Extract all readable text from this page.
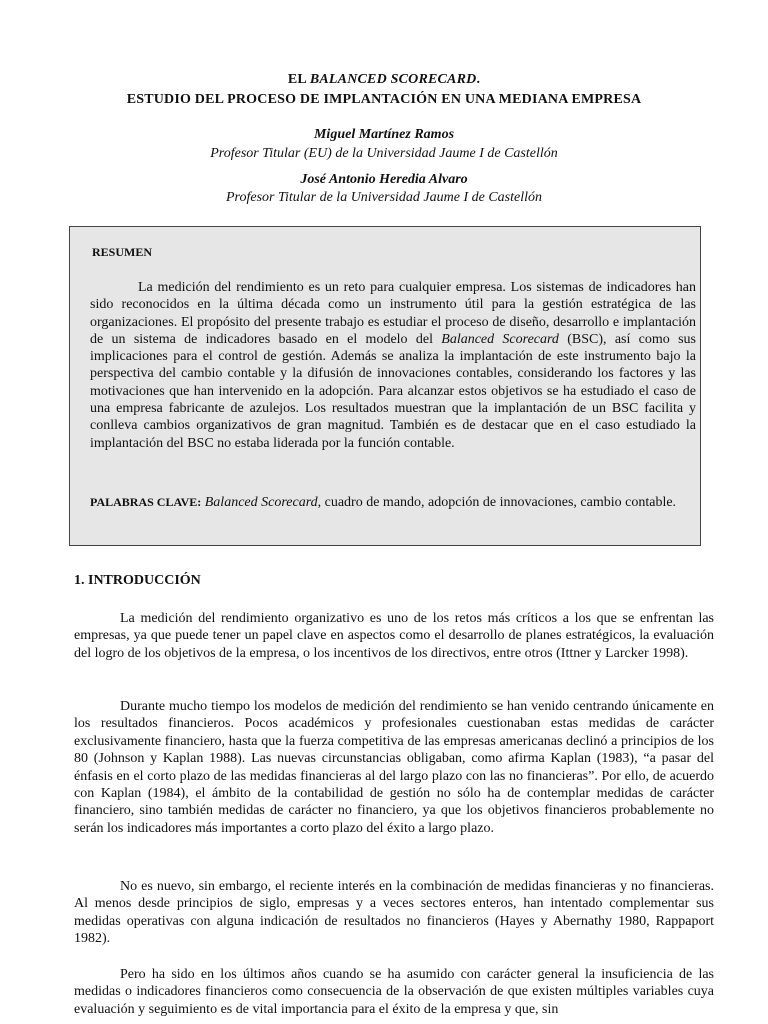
EL BALANCED SCORECARD.
ESTUDIO DEL PROCESO DE IMPLANTACIÓN EN UNA MEDIANA EMPRESA
Miguel Martínez Ramos
Profesor Titular (EU) de la Universidad Jaume I de Castellón
José Antonio Heredia Alvaro
Profesor Titular de la Universidad Jaume I de Castellón
RESUMEN
La medición del rendimiento es un reto para cualquier empresa. Los sistemas de indicadores han sido reconocidos en la última década como un instrumento útil para la gestión estratégica de las organizaciones. El propósito del presente trabajo es estudiar el proceso de diseño, desarrollo e implantación de un sistema de indicadores basado en el modelo del Balanced Scorecard (BSC), así como sus implicaciones para el control de gestión. Además se analiza la implantación de este instrumento bajo la perspectiva del cambio contable y la difusión de innovaciones contables, considerando los factores y las motivaciones que han intervenido en la adopción. Para alcanzar estos objetivos se ha estudiado el caso de una empresa fabricante de azulejos. Los resultados muestran que la implantación de un BSC facilita y conlleva cambios organizativos de gran magnitud. También es de destacar que en el caso estudiado la implantación del BSC no estaba liderada por la función contable.
PALABRAS CLAVE: Balanced Scorecard, cuadro de mando, adopción de innovaciones, cambio contable.
1. INTRODUCCIÓN
La medición del rendimiento organizativo es uno de los retos más críticos a los que se enfrentan las empresas, ya que puede tener un papel clave en aspectos como el desarrollo de planes estratégicos, la evaluación del logro de los objetivos de la empresa, o los incentivos de los directivos, entre otros (Ittner y Larcker 1998).
Durante mucho tiempo los modelos de medición del rendimiento se han venido centrando únicamente en los resultados financieros. Pocos académicos y profesionales cuestionaban estas medidas de carácter exclusivamente financiero, hasta que la fuerza competitiva de las empresas americanas declinó a principios de los 80 (Johnson y Kaplan 1988). Las nuevas circunstancias obligaban, como afirma Kaplan (1983), “a pasar del énfasis en el corto plazo de las medidas financieras al del largo plazo con las no financieras”. Por ello, de acuerdo con Kaplan (1984), el ámbito de la contabilidad de gestión no sólo ha de contemplar medidas de carácter financiero, sino también medidas de carácter no financiero, ya que los objetivos financieros probablemente no serán los indicadores más importantes a corto plazo del éxito a largo plazo.
No es nuevo, sin embargo, el reciente interés en la combinación de medidas financieras y no financieras. Al menos desde principios de siglo, empresas y a veces sectores enteros, han intentado complementar sus medidas operativas con alguna indicación de resultados no financieros (Hayes y Abernathy 1980, Rappaport 1982).
Pero ha sido en los últimos años cuando se ha asumido con carácter general la insuficiencia de las medidas o indicadores financieros como consecuencia de la observación de que existen múltiples variables cuya evaluación y seguimiento es de vital importancia para el éxito de la empresa y que, sin
